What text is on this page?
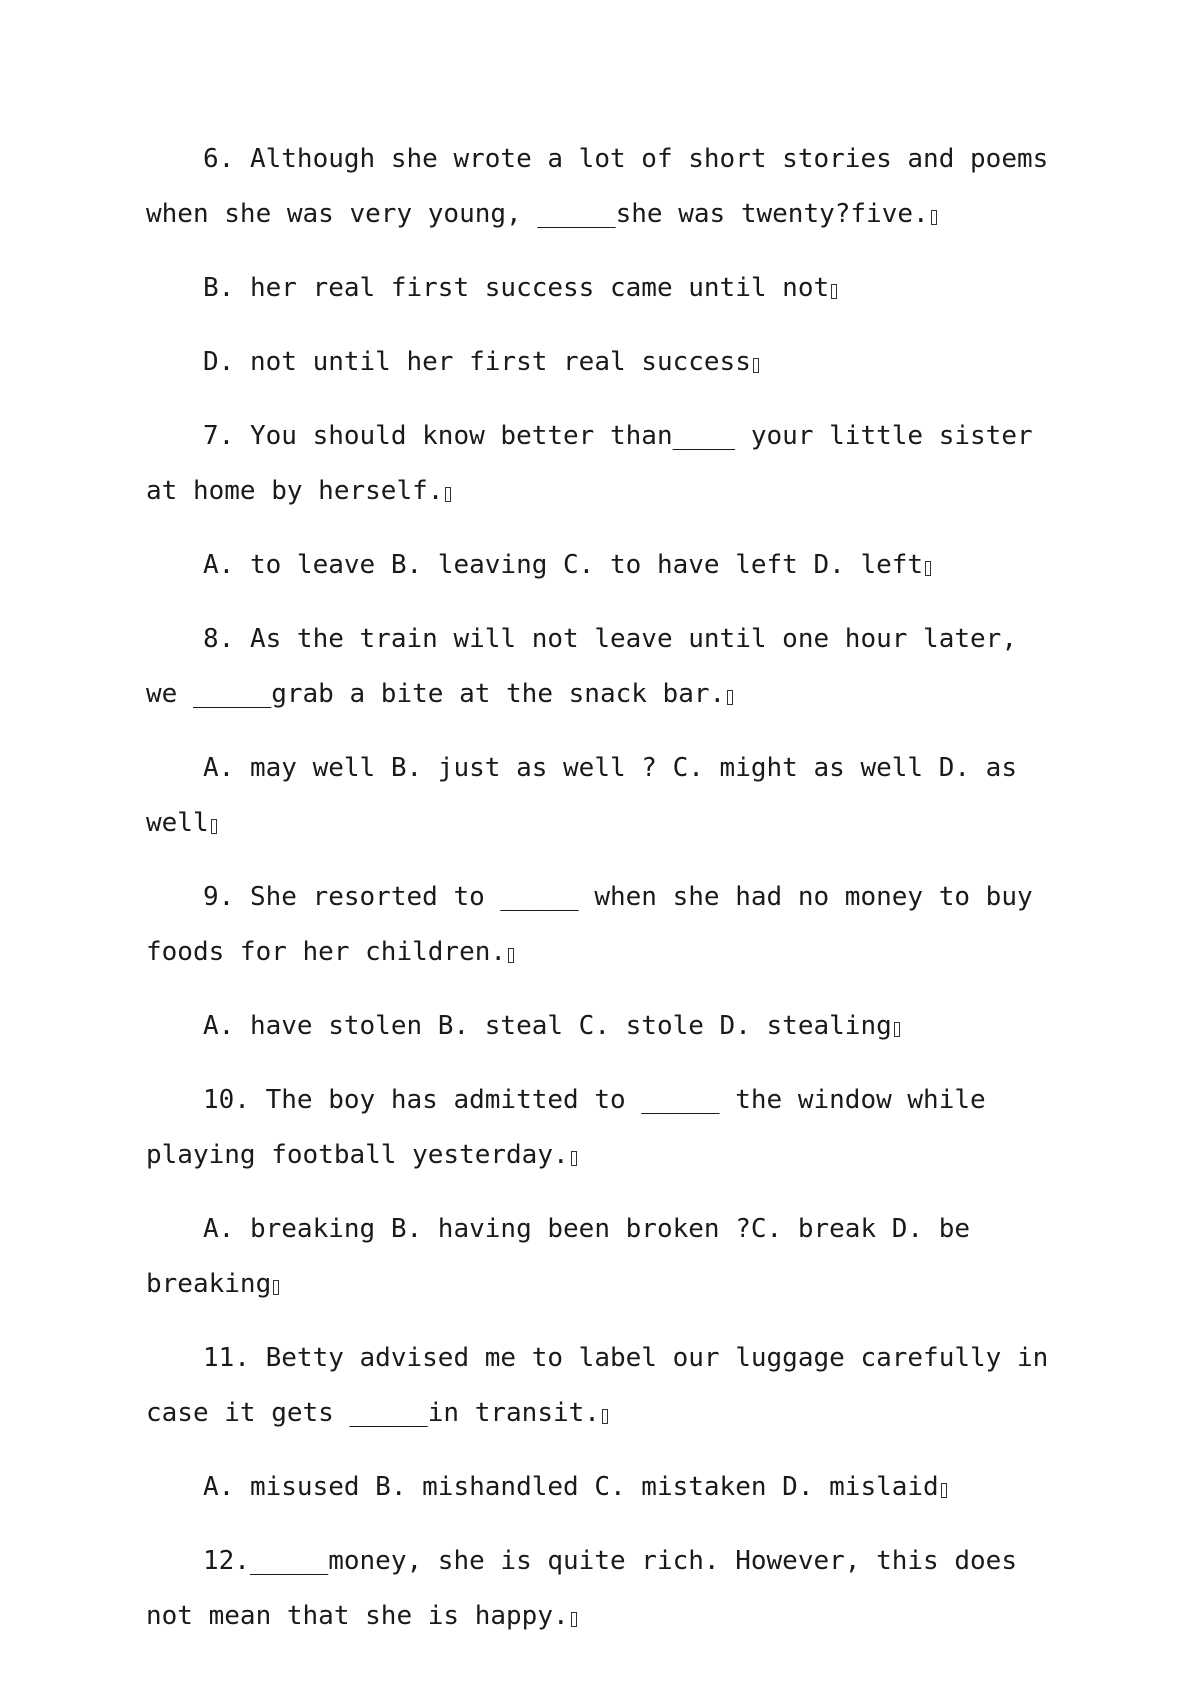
6. Although she wrote a lot of short stories and poems when she was very young, _____she was twenty?five.

B. her real first success came until not

D. not until her first real success

7. You should know better than____ your little sister at home by herself.

A. to leave B. leaving C. to have left D. left

8. As the train will not leave until one hour later, we _____grab a bite at the snack bar.

A. may well B. just as well ? C. might as well D. as well

9. She resorted to _____ when she had no money to buy foods for her children.

A. have stolen B. steal C. stole D. stealing

10. The boy has admitted to _____ the window while playing football yesterday.

A. breaking B. having been broken ?C. break D. be breaking

11. Betty advised me to label our luggage carefully in case it gets _____in transit.

A. misused B. mishandled C. mistaken D. mislaid

12._____money, she is quite rich. However, this does not mean that she is happy.
